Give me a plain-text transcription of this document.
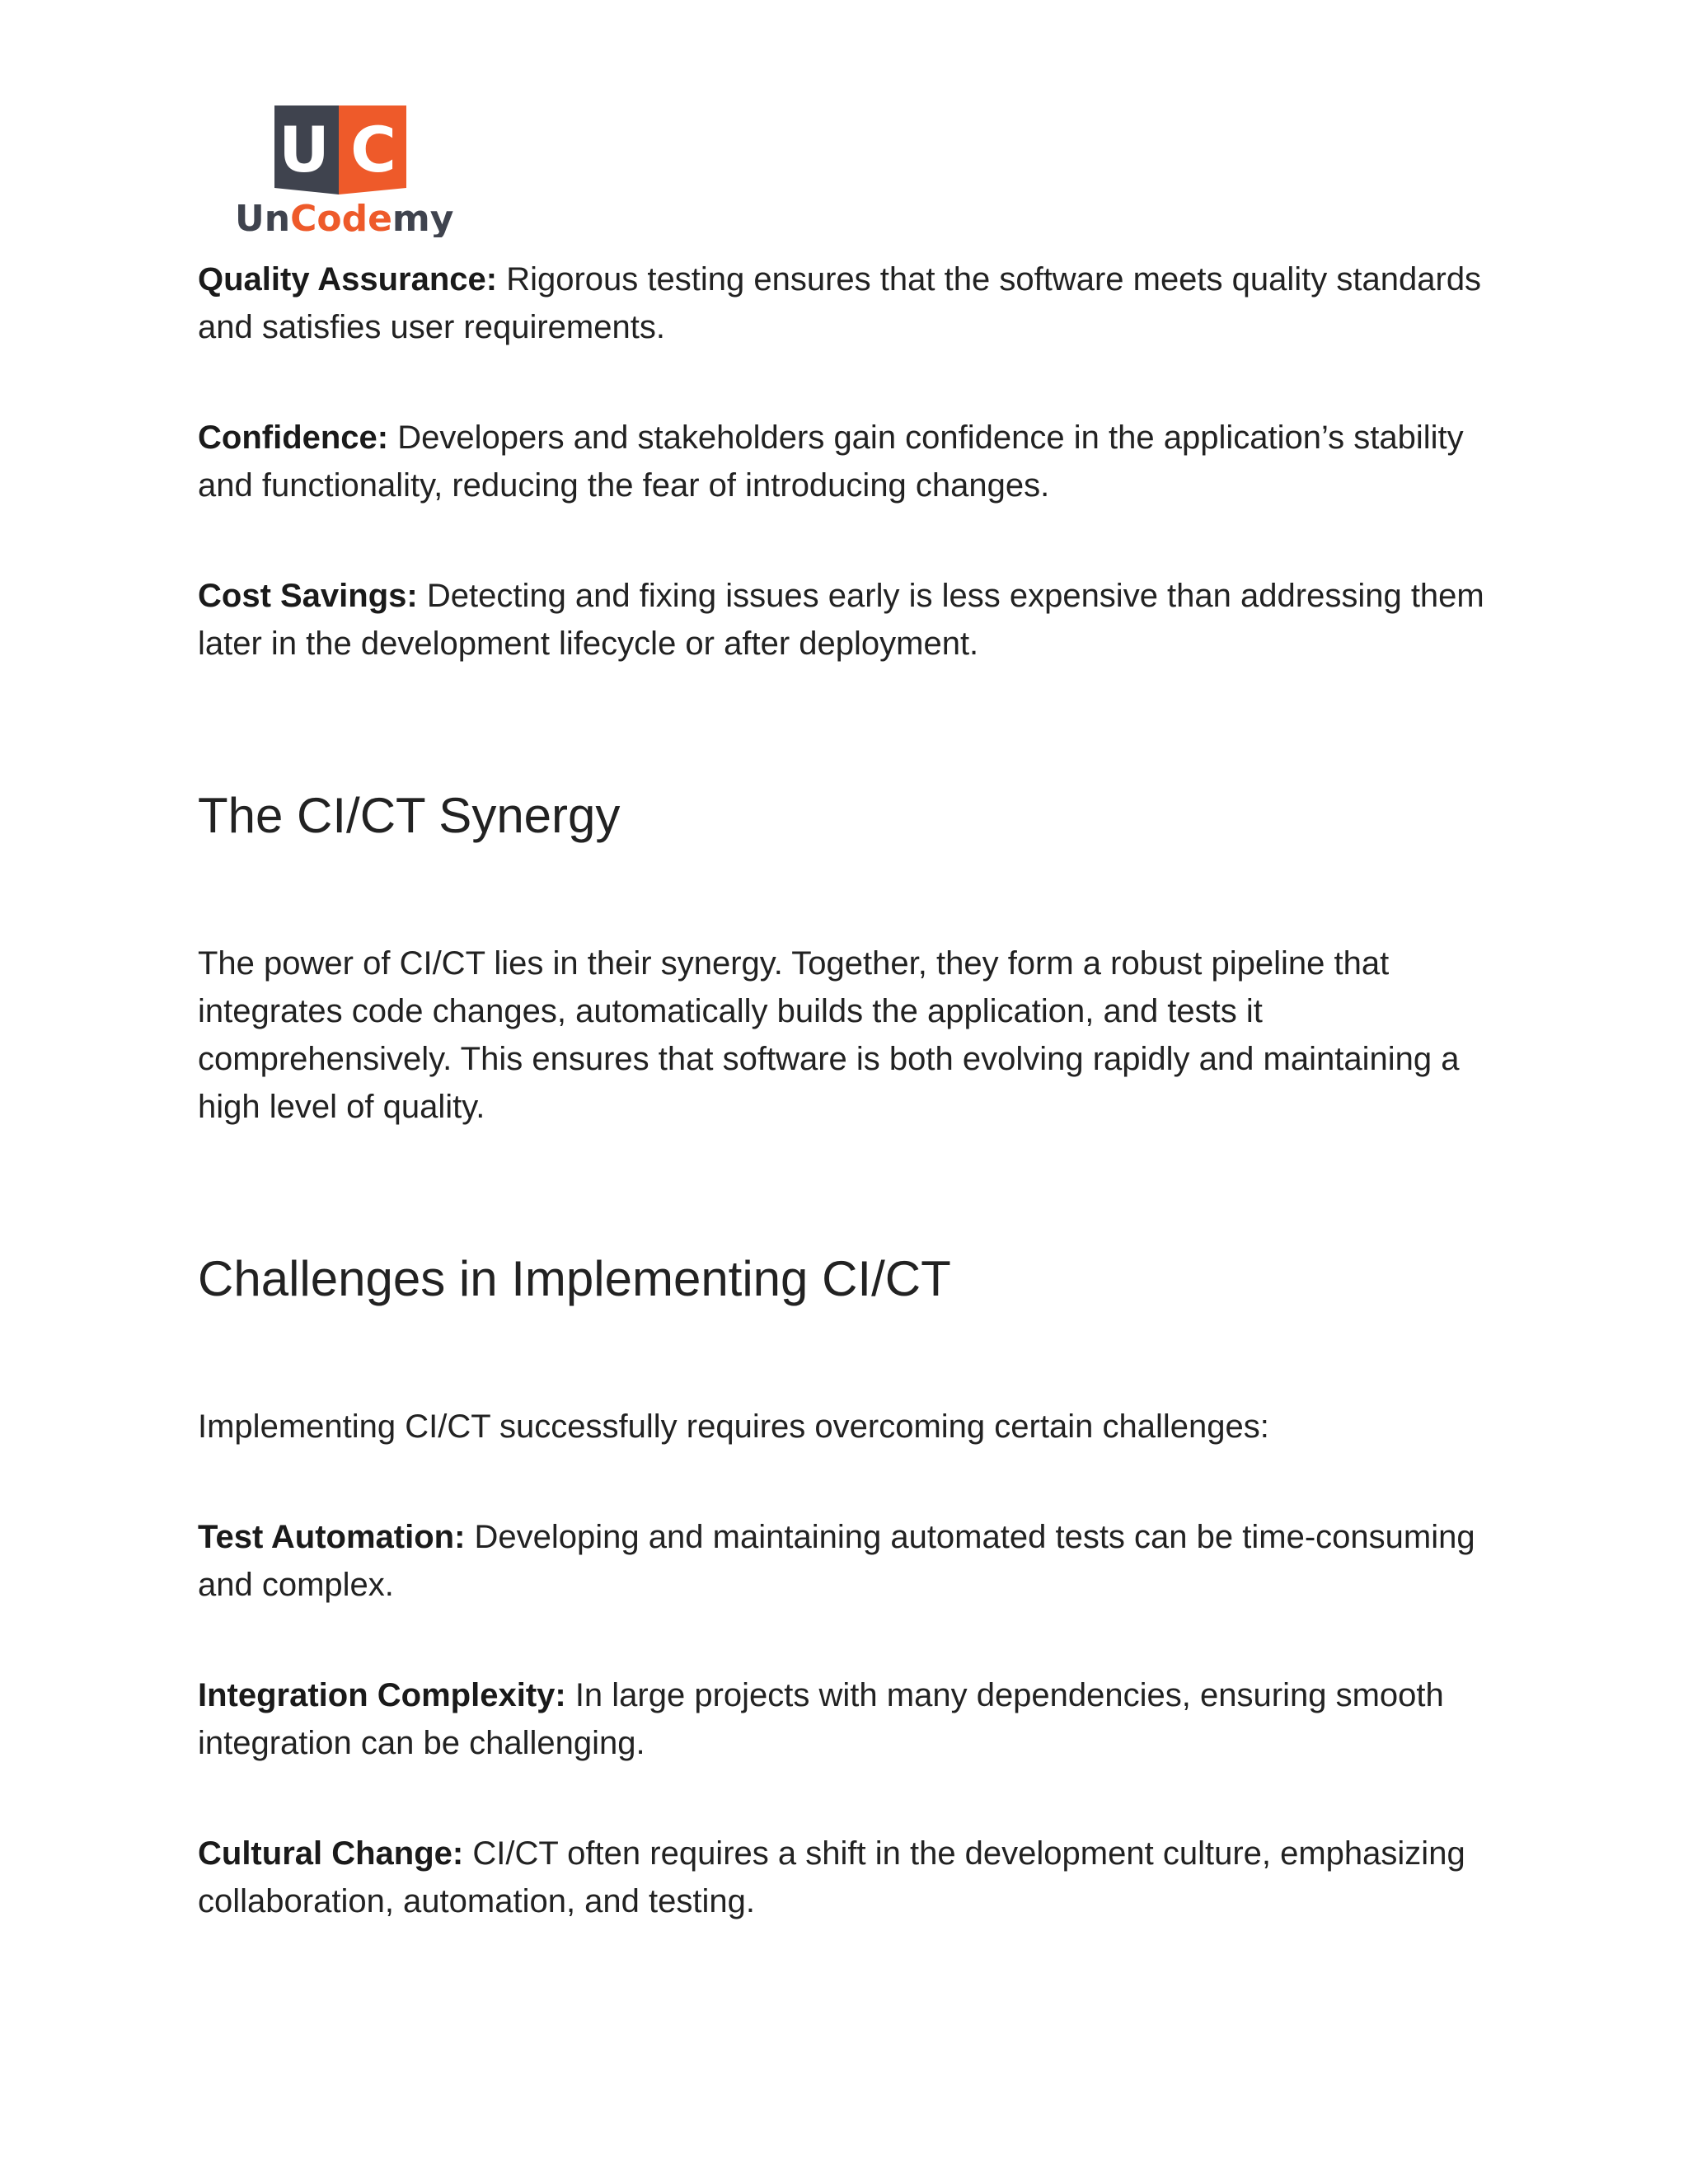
U C
UnCodemy

Quality Assurance: Rigorous testing ensures that the software meets quality standards and satisfies user requirements.

Confidence: Developers and stakeholders gain confidence in the application’s stability and functionality, reducing the fear of introducing changes.

Cost Savings: Detecting and fixing issues early is less expensive than addressing them later in the development lifecycle or after deployment.

The CI/CT Synergy

The power of CI/CT lies in their synergy. Together, they form a robust pipeline that integrates code changes, automatically builds the application, and tests it comprehensively. This ensures that software is both evolving rapidly and maintaining a high level of quality.

Challenges in Implementing CI/CT

Implementing CI/CT successfully requires overcoming certain challenges:

Test Automation: Developing and maintaining automated tests can be time-consuming and complex.

Integration Complexity: In large projects with many dependencies, ensuring smooth integration can be challenging.

Cultural Change: CI/CT often requires a shift in the development culture, emphasizing collaboration, automation, and testing.
